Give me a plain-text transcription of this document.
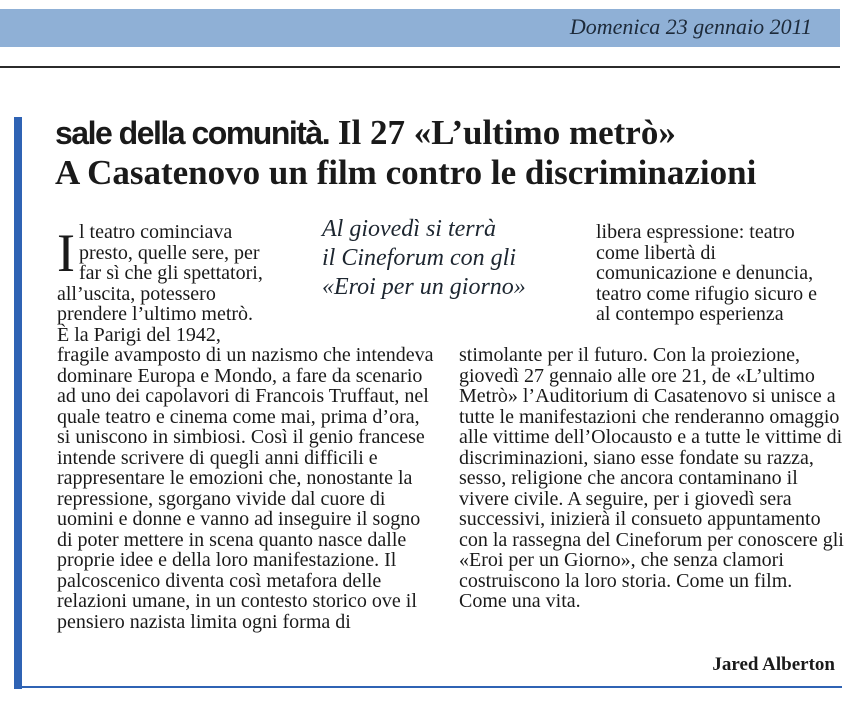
Domenica 23 gennaio 2011
sale della comunità. Il 27 «L’ultimo metrò»
A Casatenovo un film contro le discriminazioni
I l teatro cominciava presto, quelle sere, per far sì che gli spettatori,
all’uscita, potessero prendere l’ultimo metrò. È la Parigi del 1942,
fragile avamposto di un nazismo che intendeva dominare Europa e Mondo, a fare da scenario ad uno dei capolavori di Francois Truffaut, nel quale teatro e cinema come mai, prima d’ora, si uniscono in simbiosi. Così il genio francese intende scrivere di quegli anni difficili e rappresentare le emozioni che, nonostante la repressione, sgorgano vivide dal cuore di uomini e donne e vanno ad inseguire il sogno di poter mettere in scena quanto nasce dalle proprie idee e della loro manifestazione. Il palcoscenico diventa così metafora delle relazioni umane, in un contesto storico ove il pensiero nazista limita ogni forma di
Al giovedì si terrà
il Cineforum con gli
«Eroi per un giorno»
libera espressione: teatro come libertà di comunicazione e denuncia, teatro come rifugio sicuro e al contempo esperienza
stimolante per il futuro. Con la proiezione, giovedì 27 gennaio alle ore 21, de «L’ultimo Metrò» l’Auditorium di Casatenovo si unisce a tutte le manifestazioni che renderanno omaggio alle vittime dell’Olocausto e a tutte le vittime di discriminazioni, siano esse fondate su razza, sesso, religione che ancora contaminano il vivere civile. A seguire, per i giovedì sera successivi, inizierà il consueto appuntamento con la rassegna del Cineforum per conoscere gli «Eroi per un Giorno», che senza clamori costruiscono la loro storia. Come un film. Come una vita.
Jared Alberton
